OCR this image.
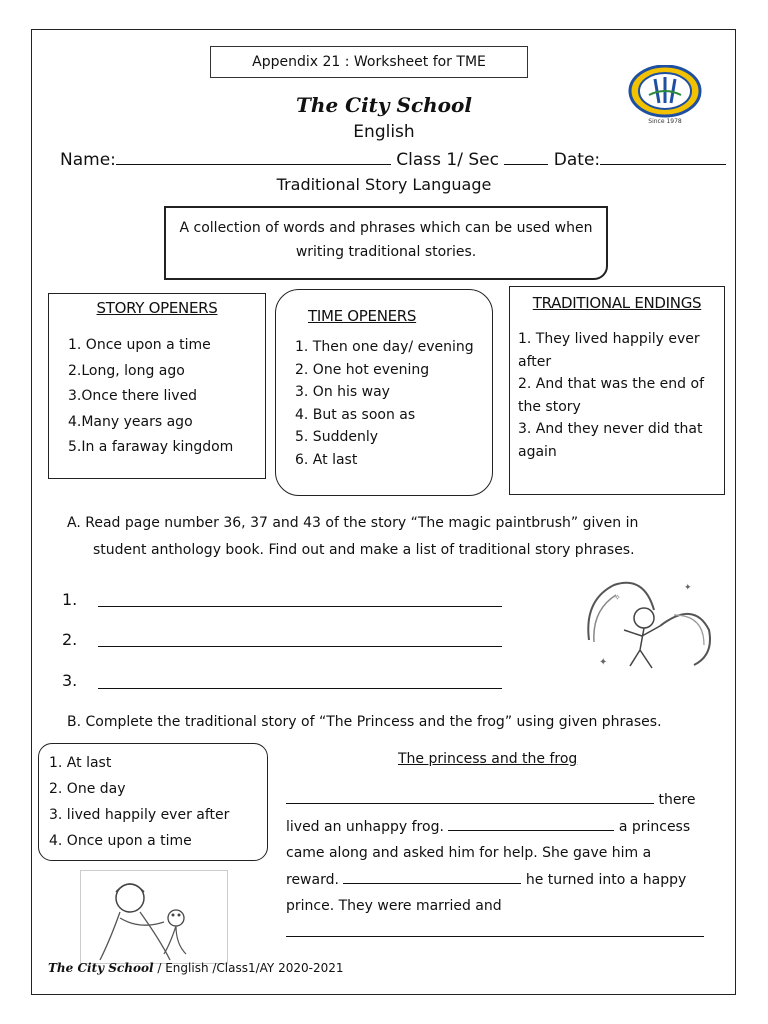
Appendix 21 : Worksheet for TME
Since 1978
The City School
English
Name:	Class 1/ Sec	Date:
Traditional Story Language
A collection of words and phrases which can be used when
writing traditional stories.
STORY OPENERS
1. Once upon a time
2.Long, long ago
3.Once there lived
4.Many years ago
5.In a faraway kingdom
TIME OPENERS
1. Then one day/ evening
2. One hot evening
3. On his way
4. But as soon as
5. Suddenly
6. At last
TRADITIONAL ENDINGS
1. They lived happily ever
after
2. And that was the end of
the story
3. And they never did that
again
A. Read page number 36, 37 and 43 of the story “The magic paintbrush” given in
student anthology book. Find out and make a list of traditional story phrases.
1.
2.
3.
✦
✦
✧
B. Complete the traditional story of “The Princess and the frog” using given phrases.
1. At last
2. One day
3. lived happily ever after
4. Once upon a time
The princess and the frog
there
lived an unhappy frog.	a princess
came along and asked him for help. She gave him a
reward.	he turned into a happy
prince. They were married and
The City School / English /Class1/AY 2020-2021
